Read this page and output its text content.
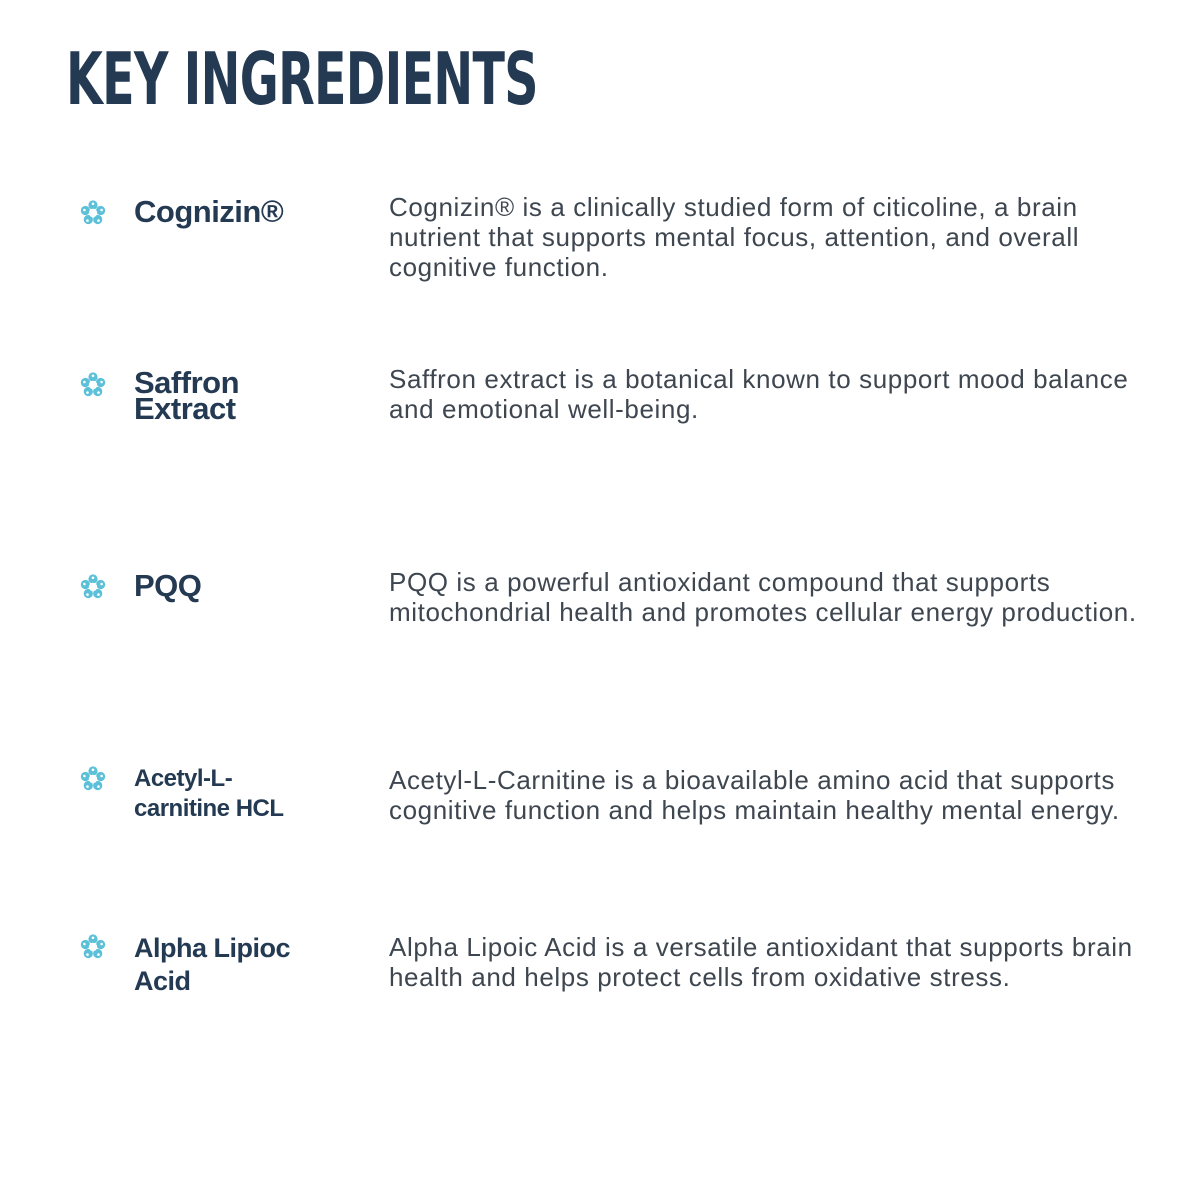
KEY INGREDIENTS
Cognizin®	Cognizin® is a clinically studied form of citicoline, a brain nutrient that supports mental focus, attention, and overall cognitive function.

Saffron Extract

Saffron extract is a botanical known to support mood balance and emotional well-being.

PQQ	PQQ is a powerful antioxidant compound that supports mitochondrial health and promotes cellular energy production.

Acetyl-L-carnitine HCL

Acetyl-L-Carnitine is a bioavailable amino acid that supports cognitive function and helps maintain healthy mental energy.

Alpha Lipioc Acid

Alpha Lipoic Acid is a versatile antioxidant that supports brain health and helps protect cells from oxidative stress.
